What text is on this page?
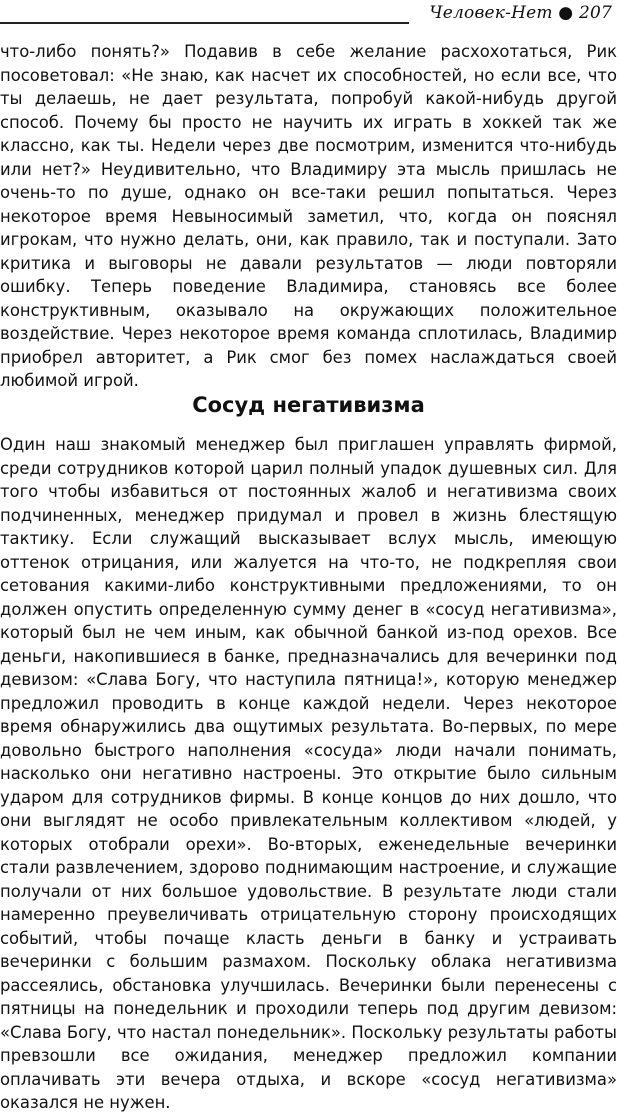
Человек-Нет ● 207

что-либо понять?» Подавив в себе желание расхохотаться, Рик посоветовал: «Не знаю, как насчет их способностей, но если все, что ты делаешь, не дает результата, попробуй какой-нибудь другой способ. Почему бы просто не научить их играть в хоккей так же классно, как ты. Недели через две посмотрим, изменится что-нибудь или нет?» Неудивительно, что Владимиру эта мысль пришлась не очень-то по душе, однако он все-таки решил попытаться. Через некоторое время Невыносимый заметил, что, когда он пояснял игрокам, что нужно делать, они, как правило, так и поступали. Зато критика и выговоры не давали результатов — люди повторяли ошибку. Теперь поведение Владимира, становясь все более конструктивным, оказывало на окружающих положительное воздействие. Через некоторое время команда сплотилась, Владимир приобрел авторитет, а Рик смог без помех наслаждаться своей любимой игрой.

Сосуд негативизма

Один наш знакомый менеджер был приглашен управлять фирмой, среди сотрудников которой царил полный упадок душевных сил. Для того чтобы избавиться от постоянных жалоб и негативизма своих подчиненных, менеджер придумал и провел в жизнь блестящую тактику. Если служащий высказывает вслух мысль, имеющую оттенок отрицания, или жалуется на что-то, не подкрепляя свои сетования какими-либо конструктивными предложениями, то он должен опустить определенную сумму денег в «сосуд негативизма», который был не чем иным, как обычной банкой из-под орехов. Все деньги, накопившиеся в банке, предназначались для вечеринки под девизом: «Слава Богу, что наступила пятница!», которую менеджер предложил проводить в конце каждой недели. Через некоторое время обнаружились два ощутимых результата. Во-первых, по мере довольно быстрого наполнения «сосуда» люди начали понимать, насколько они негативно настроены. Это открытие было сильным ударом для сотрудников фирмы. В конце концов до них дошло, что они выглядят не особо привлекательным коллективом «людей, у которых отобрали орехи». Во-вторых, еженедельные вечеринки стали развлечением, здорово поднимающим настроение, и служащие получали от них большое удовольствие. В результате люди стали намеренно преувеличивать отрицательную сторону происходящих событий, чтобы почаще класть деньги в банку и устраивать вечеринки с большим размахом. Поскольку облака негативизма рассеялись, обстановка улучшилась. Вечеринки были перенесены с пятницы на понедельник и проходили теперь под другим девизом: «Слава Богу, что настал понедельник». Поскольку результаты работы превзошли все ожидания, менеджер предложил компании оплачивать эти вечера отдыха, и вскоре «сосуд негативизма» оказался не нужен.
